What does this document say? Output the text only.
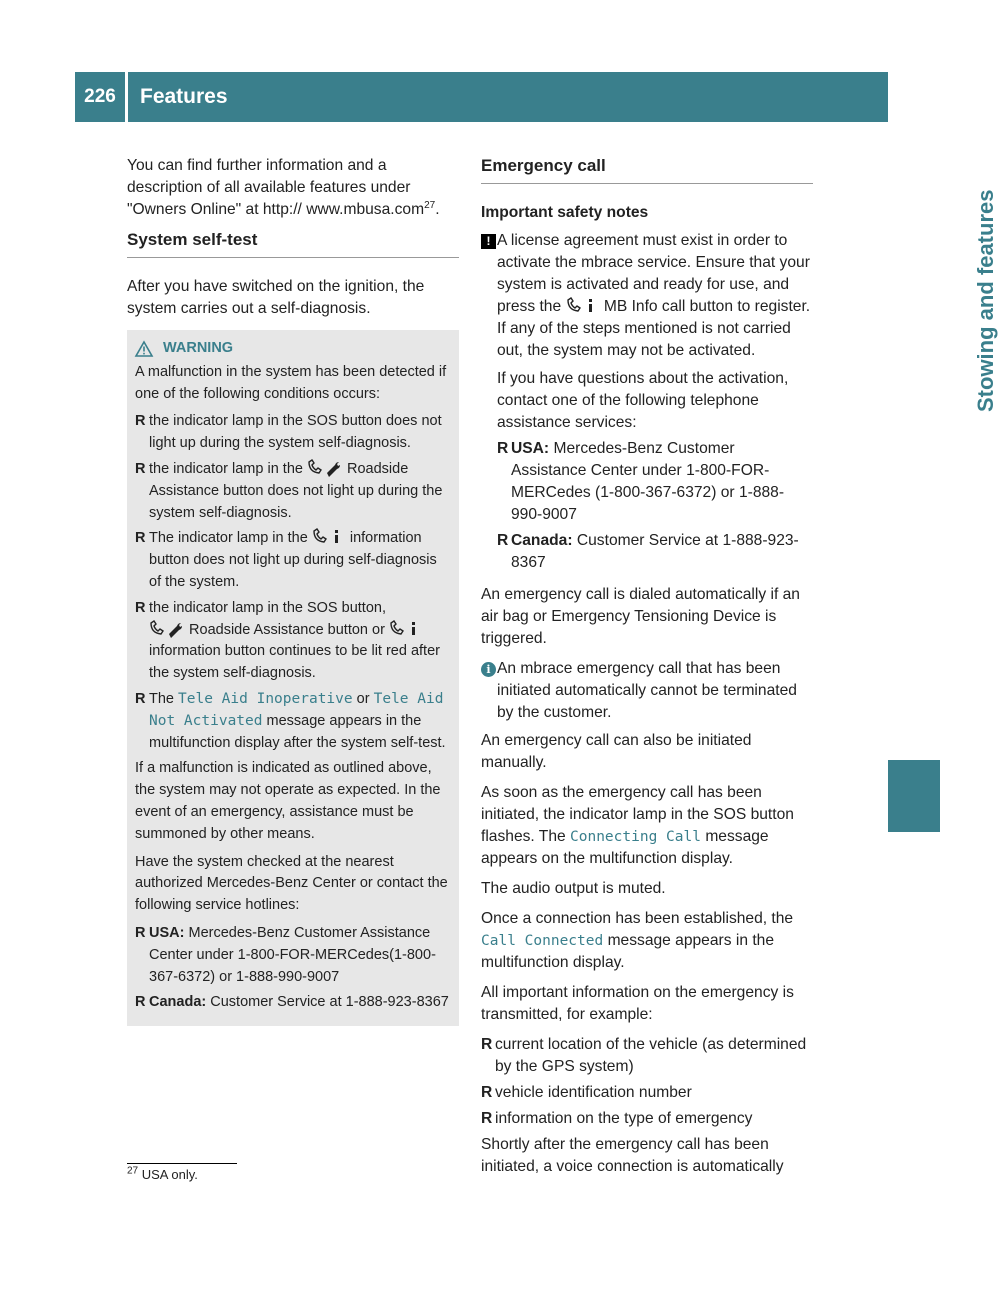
226	Features
Stowing and features

You can find further information and a description of all available features under "Owners Online" at http:// www.mbusa.com$^{27}$.

System self-test

After you have switched on the ignition, the system carries out a self-diagnosis.

WARNING

A malfunction in the system has been detected if one of the following conditions occurs:

R the indicator lamp in the SOS button does not light up during the system self-diagnosis.
R the indicator lamp in the	Roadside Assistance button does not light up during the system self-diagnosis.
R The indicator lamp in the	information button does not light up during self-diagnosis of the system.
R the indicator lamp in the SOS button,
Roadside Assistance button or  information button continues to be lit red after the system self-diagnosis.
R The Tele Aid Inoperative or Tele Aid Not Activated message appears in the multifunction display after the system self-test.

If a malfunction is indicated as outlined above, the system may not operate as expected. In the event of an emergency, assistance must be summoned by other means.

Have the system checked at the nearest authorized Mercedes-Benz Center or contact the following service hotlines:

R USA: Mercedes-Benz Customer Assistance Center under 1-800-FOR-MERCedes(1-800-367-6372) or 1-888-990-9007
R Canada: Customer Service at 1-888-923-8367
Emergency call
Important safety notes
! A license agreement must exist in order to activate the mbrace service. Ensure that your system is activated and ready for use, and press the	MB Info call button to register. If any of the steps mentioned is not carried out, the system may not be activated.
If you have questions about the activation, contact one of the following telephone assistance services:
R USA: Mercedes-Benz Customer Assistance Center under 1-800-FOR-MERCedes (1-800-367-6372) or 1-888-990-9007
R Canada: Customer Service at 1-888-923-8367

An emergency call is dialed automatically if an air bag or Emergency Tensioning Device is triggered.

i An mbrace emergency call that has been initiated automatically cannot be terminated by the customer.

An emergency call can also be initiated manually.

As soon as the emergency call has been initiated, the indicator lamp in the SOS button flashes. The Connecting Call message appears on the multifunction display.

The audio output is muted.

Once a connection has been established, the Call Connected message appears in the multifunction display.

All important information on the emergency is transmitted, for example:

R current location of the vehicle (as determined by the GPS system)
R vehicle identification number
R information on the type of emergency

Shortly after the emergency call has been initiated, a voice connection is automatically

$^{27}$ USA only.
